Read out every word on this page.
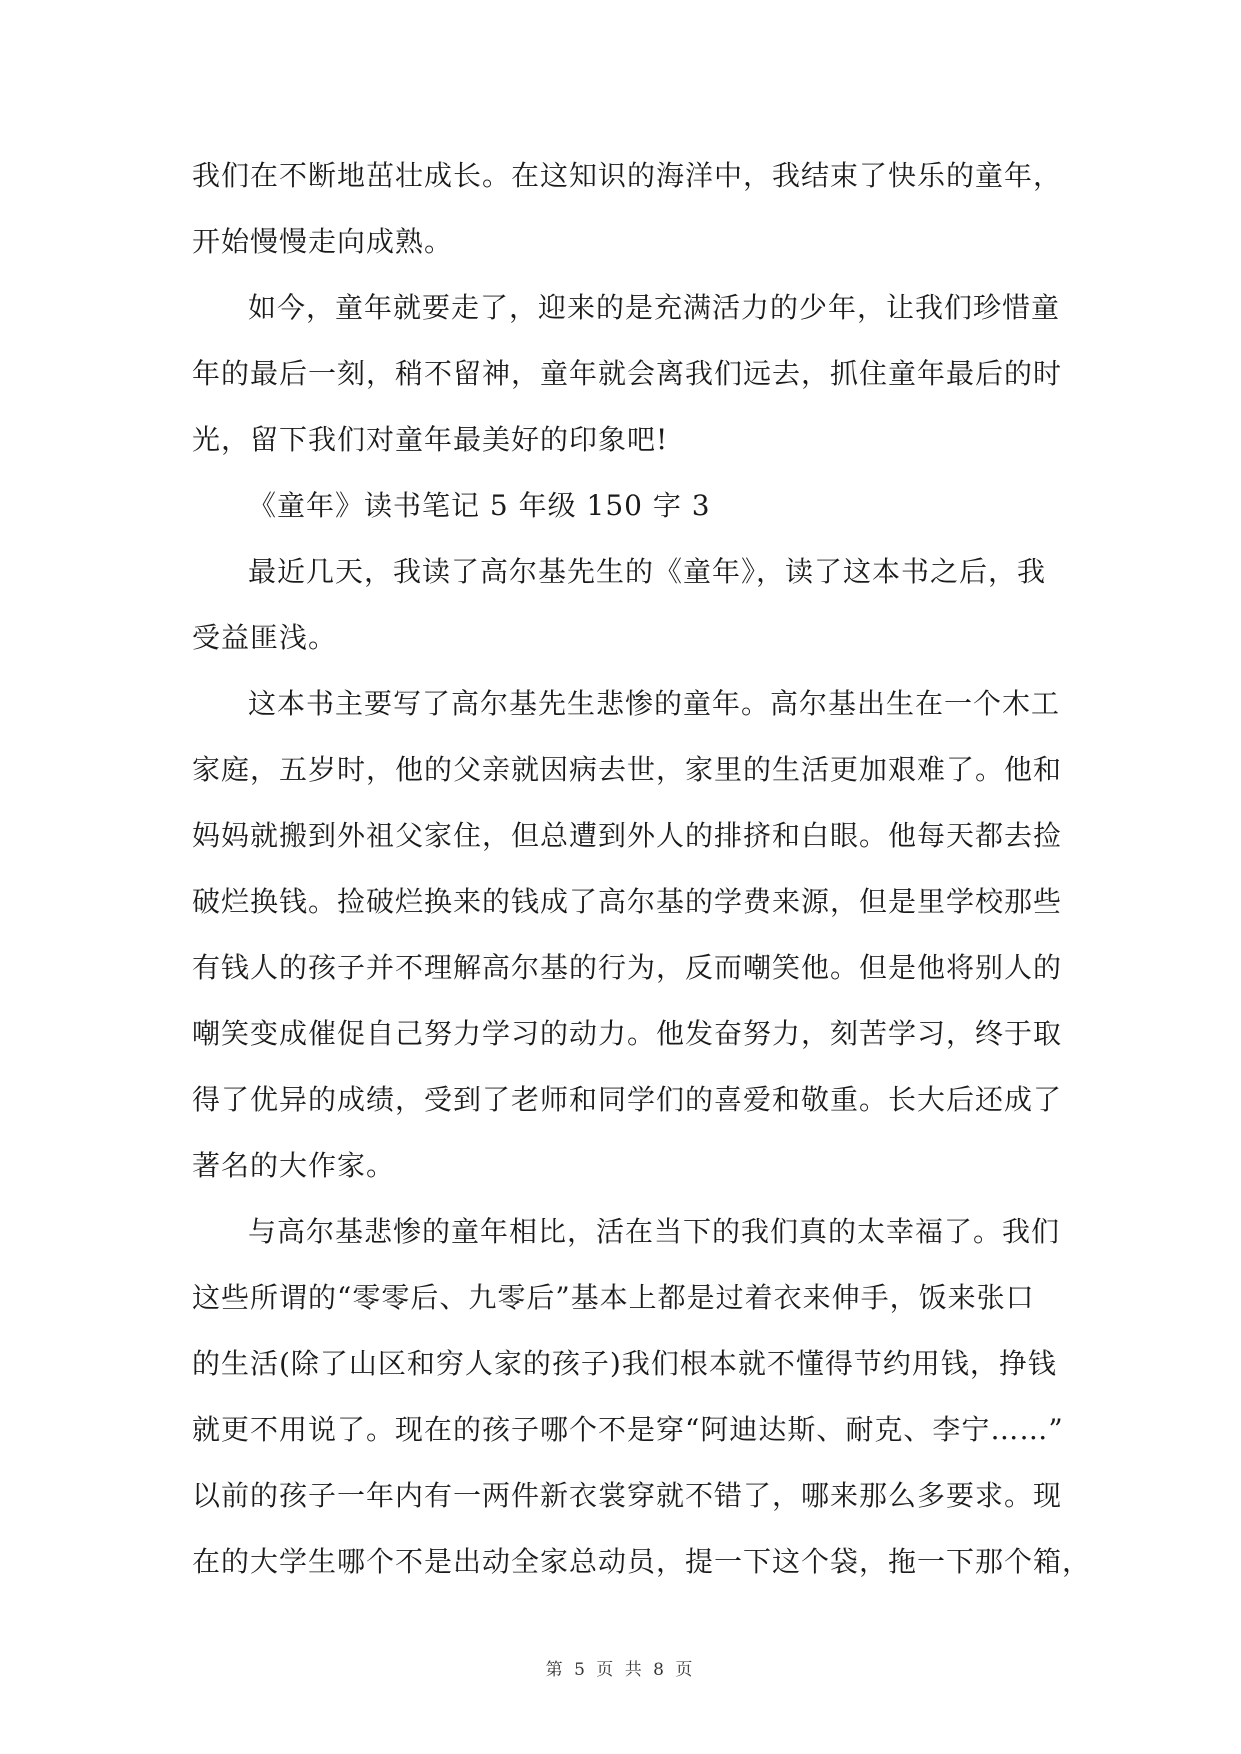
我们在不断地茁壮成长。在这知识的海洋中，我结束了快乐的童年，
开始慢慢走向成熟。
如今，童年就要走了，迎来的是充满活力的少年，让我们珍惜童
年的最后一刻，稍不留神，童年就会离我们远去，抓住童年最后的时
光，留下我们对童年最美好的印象吧!
《童年》读书笔记 5 年级 150 字 3
最近几天，我读了高尔基先生的《童年》，读了这本书之后，我
受益匪浅。
这本书主要写了高尔基先生悲惨的童年。高尔基出生在一个木工
家庭，五岁时，他的父亲就因病去世，家里的生活更加艰难了。他和
妈妈就搬到外祖父家住，但总遭到外人的排挤和白眼。他每天都去捡
破烂换钱。捡破烂换来的钱成了高尔基的学费来源，但是里学校那些
有钱人的孩子并不理解高尔基的行为，反而嘲笑他。但是他将别人的
嘲笑变成催促自己努力学习的动力。他发奋努力，刻苦学习，终于取
得了优异的成绩，受到了老师和同学们的喜爱和敬重。长大后还成了
著名的大作家。
与高尔基悲惨的童年相比，活在当下的我们真的太幸福了。我们
这些所谓的“零零后、九零后”基本上都是过着衣来伸手，饭来张口
的生活(除了山区和穷人家的孩子)我们根本就不懂得节约用钱，挣钱
就更不用说了。现在的孩子哪个不是穿“阿迪达斯、耐克、李宁……”
以前的孩子一年内有一两件新衣裳穿就不错了，哪来那么多要求。现
在的大学生哪个不是出动全家总动员，提一下这个袋，拖一下那个箱，
第 5 页 共 8 页
